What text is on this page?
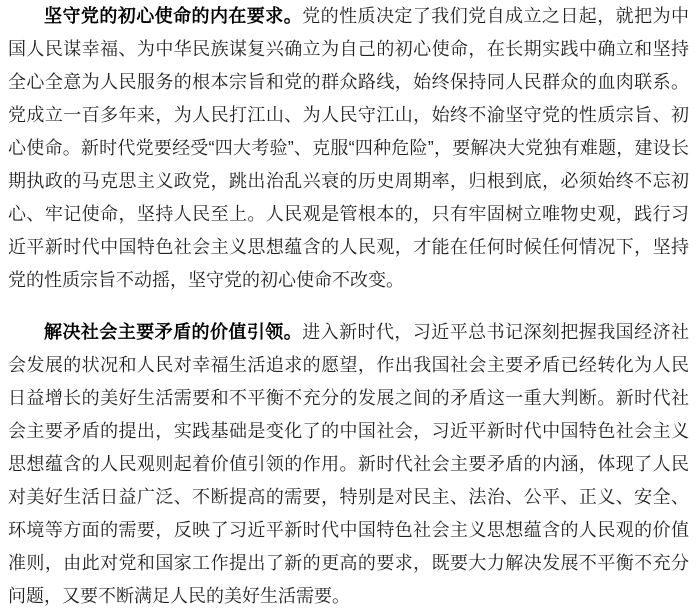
坚守党的初心使命的内在要求。党的性质决定了我们党自成立之日起，就把为中国人民谋幸福、为中华民族谋复兴确立为自己的初心使命，在长期实践中确立和坚持全心全意为人民服务的根本宗旨和党的群众路线，始终保持同人民群众的血肉联系。党成立一百多年来，为人民打江山、为人民守江山，始终不渝坚守党的性质宗旨、初心使命。新时代党要经受“四大考验”、克服“四种危险”，要解决大党独有难题，建设长期执政的马克思主义政党，跳出治乱兴衰的历史周期率，归根到底，必须始终不忘初心、牢记使命，坚持人民至上。人民观是管根本的，只有牢固树立唯物史观，践行习近平新时代中国特色社会主义思想蕴含的人民观，才能在任何时候任何情况下，坚持党的性质宗旨不动摇，坚守党的初心使命不改变。

解决社会主要矛盾的价值引领。进入新时代，习近平总书记深刻把握我国经济社会发展的状况和人民对幸福生活追求的愿望，作出我国社会主要矛盾已经转化为人民日益增长的美好生活需要和不平衡不充分的发展之间的矛盾这一重大判断。新时代社会主要矛盾的提出，实践基础是变化了的中国社会，习近平新时代中国特色社会主义思想蕴含的人民观则起着价值引领的作用。新时代社会主要矛盾的内涵，体现了人民对美好生活日益广泛、不断提高的需要，特别是对民主、法治、公平、正义、安全、环境等方面的需要，反映了习近平新时代中国特色社会主义思想蕴含的人民观的价值准则，由此对党和国家工作提出了新的更高的要求，既要大力解决发展不平衡不充分问题，又要不断满足人民的美好生活需要。
